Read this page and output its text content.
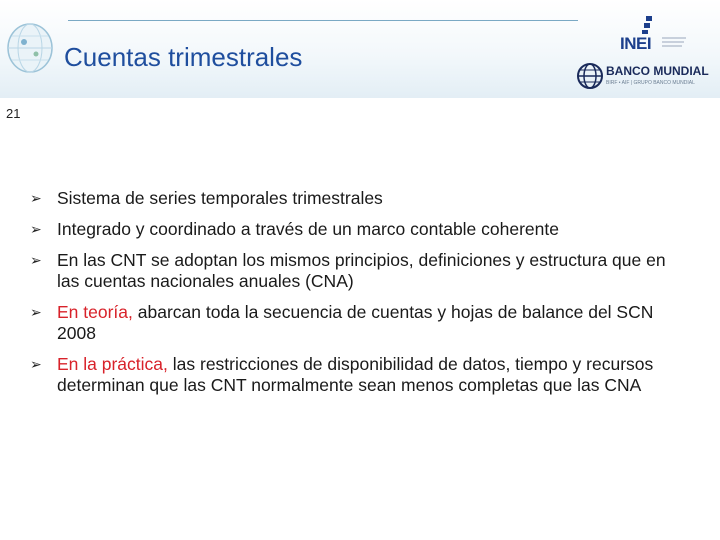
Cuentas trimestrales	INEI
BANCO MUNDIAL
BIRF • AIF | GRUPO BANCO MUNDIAL
21
➢ Sistema de series temporales trimestrales
➢ Integrado y coordinado a través de un marco contable coherente
➢ En las CNT se adoptan los mismos principios, definiciones y estructura que en las cuentas nacionales anuales (CNA)
➢ En teoría, abarcan toda la secuencia de cuentas y hojas de balance del SCN 2008
➢ En la práctica, las restricciones de disponibilidad de datos, tiempo y recursos determinan que las CNT normalmente sean menos completas que las CNA
